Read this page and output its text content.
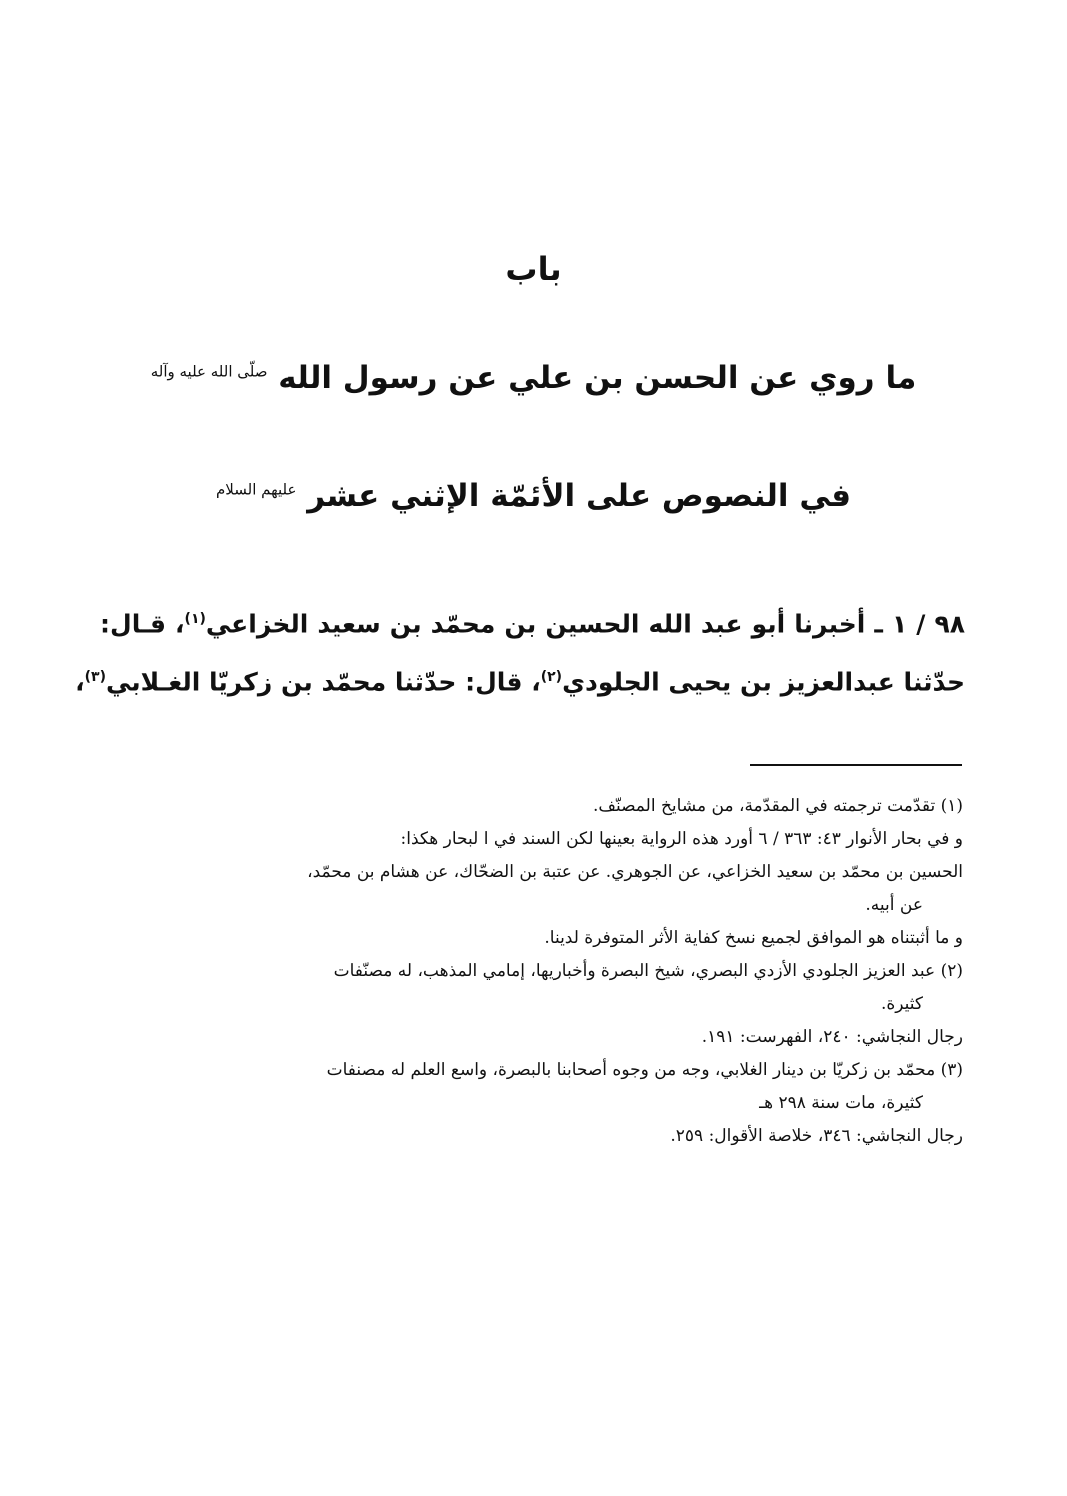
باب
ما روي عن الحسن بن علي عن رسول الله $^{صلّى الله عليه وآله}$
في النصوص على الأئمّة الإثني عشر $^{عليهم السلام}$
٩٨ / ١ ـ أخبرنا أبو عبد الله الحسين بن محمّد بن سعيد الخزاعي$^{(١)}$، قـال:
حدّثنا عبدالعزيز بن يحيى الجلودي$^{(٢)}$، قال: حدّثنا محمّد بن زكريّا الغـلابي$^{(٣)}$،
(١) تقدّمت ترجمته في المقدّمة، من مشايخ المصنّف.
و في بحار الأنوار ٤٣: ٣٦٣ / ٦ أورد هذه الرواية بعينها لكن السند في ا لبحار هكذا:
الحسين بن محمّد بن سعيد الخزاعي، عن الجوهري. عن عتبة بن الضحّاك، عن هشام بن محمّد،
عن أبيه.
و ما أثبتناه هو الموافق لجميع نسخ كفاية الأثر المتوفرة لدينا.
(٢) عبد العزيز الجلودي الأزدي البصري، شيخ البصرة وأخباريها، إمامي المذهب، له مصنّفات
كثيرة.
رجال النجاشي: ٢٤٠، الفهرست: ١٩١.
(٣) محمّد بن زكريّا بن دينار الغلابي، وجه من وجوه أصحابنا بالبصرة، واسع العلم له مصنفات
كثيرة، مات سنة ٢٩٨ هـ
رجال النجاشي: ٣٤٦، خلاصة الأقوال: ٢٥٩.
